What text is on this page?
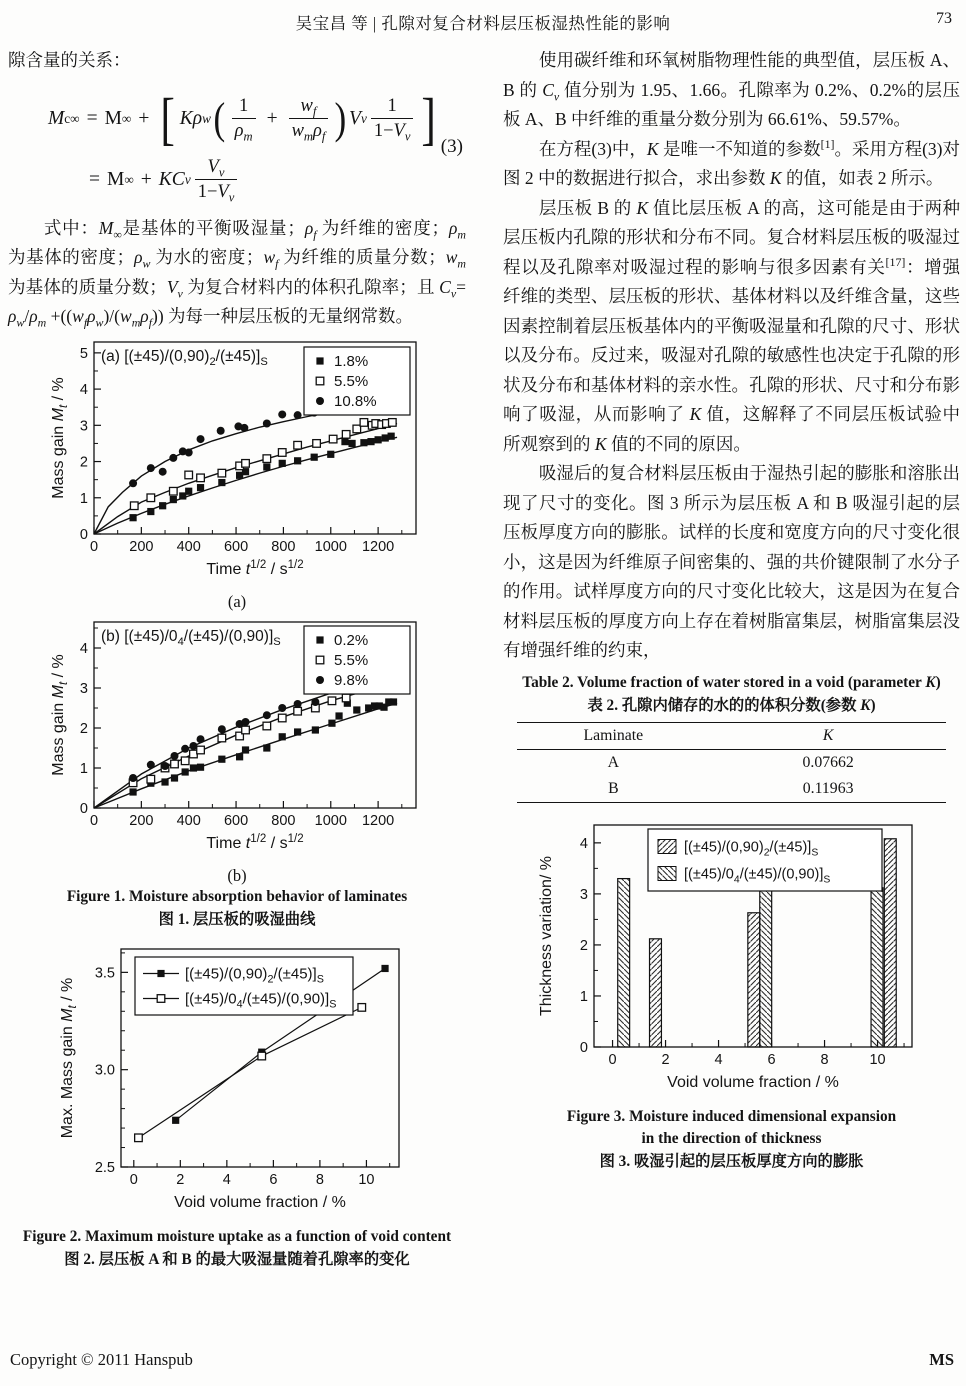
吴宝昌 等 | 孔隙对复合材料层压板湿热性能的影响	73

隙含量的关系：

M c∞ = M ∞ + [ Kρ w ( $\frac{1}{\rho_m} + \frac{w_f}{w_m\rho_f}$ ) V v $\frac{1}{1-V_v}$ ]
= M ∞ + KC v $\frac{V_v}{1-V_v}$
(3)

式中：$M_\infty$是基体的平衡吸湿量；$\rho_f$ 为纤维的密度；$\rho_m$ 为基体的密度；$\rho_w$ 为水的密度；$w_f$ 为纤维的质量分数；$w_m$ 为基体的质量分数；$V_v$ 为复合材料内的体积孔隙率；且 $C_v= \rho_w/\rho_m +((w_f\rho_w)/(w_m\rho_f))$ 为每一种层压板的无量纲常数。

0 200 400 600 800 1000 1200
0
1
2
3
4
5	1.8%
5.5%
10.8%
(a) $[(\pm 45)/(0,90)_2/(\pm 45)]_S$
Time $t^{1/2} / s^{1/2}$
Mass gain $M_t$ / %
(a)
0 200 400 600 800 1000 1200
0
1
2
3
4	0.2%
5.5%
9.8%
(b) $[(\pm 45)/0_4/(\pm 45)/(0,90)]_S$
Time $t^{1/2} / s^{1/2}$
Mass gain $M_t$ / %
(b)
Figure 1. Moisture absorption behavior of laminates
图 1. 层压板的吸湿曲线
0	2	4	6	8 10
2.5
3.0
3.5	$[(\pm 45)/(0,90)_2/(\pm 45)]_S$
$[(\pm 45)/0_4/(\pm 45)/(0,90)]_S$
Void volume fraction / %
Max. Mass gain $M_t$ / %
Figure 2. Maximum moisture uptake as a function of void content
图 2. 层压板 A 和 B 的最大吸湿量随着孔隙率的变化

使用碳纤维和环氧树脂物理性能的典型值，层压板 A、B 的 $C_v$ 值分别为 1.95、1.66。孔隙率为 0.2%、0.2%的层压板 A、B 中纤维的重量分数分别为 66.61%、59.57%。

在方程(3)中，K 是唯一不知道的参数[1]。采用方程(3)对图 2 中的数据进行拟合，求出参数 K 的值，如表 2 所示。

层压板 B 的 K 值比层压板 A 的高，这可能是由于两种层压板内孔隙的形状和分布不同。复合材料层压板的吸湿过程以及孔隙率对吸湿过程的影响与很多因素有关[17]：增强纤维的类型、层压板的形状、基体材料以及纤维含量，这些因素控制着层压板基体内的平衡吸湿量和孔隙的尺寸、形状以及分布。反过来，吸湿对孔隙的敏感性也决定于孔隙的形状及分布和基体材料的亲水性。孔隙的形状、尺寸和分布影响了吸湿，从而影响了 K 值，这解释了不同层压板试验中所观察到的 K 值的不同的原因。

吸湿后的复合材料层压板由于湿热引起的膨胀和溶胀出现了尺寸的变化。图 3 所示为层压板 A 和 B 吸湿引起的层压板厚度方向的膨胀。试样的长度和宽度方向的尺寸变化很小，这是因为纤维原子间密集的、强的共价键限制了水分子的作用。试样厚度方向的尺寸变化比较大，这是因为在复合材料层压板的厚度方向上存在着树脂富集层，树脂富集层没有增强纤维的约束，

Table 2. Volume fraction of water stored in a void (parameter K)
表 2. 孔隙内储存的水的的体积分数(参数 K)
Laminate	K
A	0.07662
B	0.11963
0	2	4	6	8	10
0
1
2
3
4	$[(\pm 45)/(0,90)_2/(\pm 45)]_S$
$[(\pm 45)/0_4/(\pm 45)/(0,90)]_S$
Void volume fraction / %
Thickness variation/ %
Figure 3. Moisture induced dimensional expansion
in the direction of thickness
图 3. 吸湿引起的层压板厚度方向的膨胀
Copyright © 2011 Hanspub	MS
